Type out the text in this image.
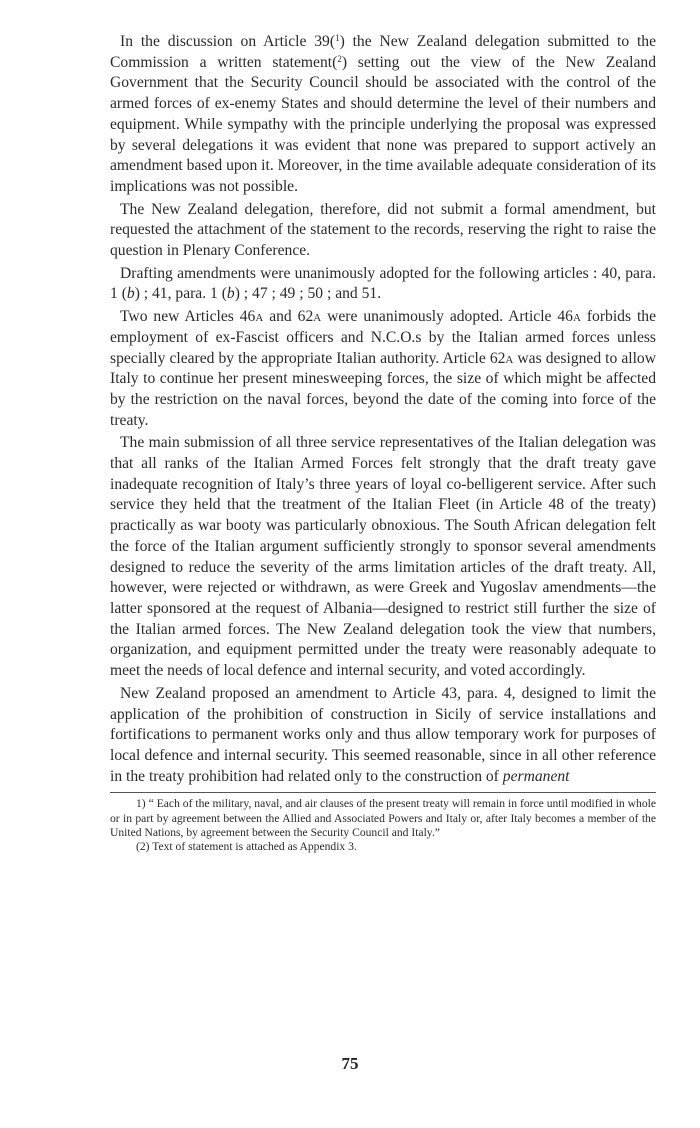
In the discussion on Article 39($^1$) the New Zealand delegation submitted to the Commission a written statement($^2$) setting out the view of the New Zealand Government that the Security Council should be associated with the control of the armed forces of ex-enemy States and should determine the level of their numbers and equipment. While sympathy with the principle underlying the proposal was expressed by several delegations it was evident that none was prepared to support actively an amendment based upon it. Moreover, in the time available adequate consideration of its implications was not possible.

The New Zealand delegation, therefore, did not submit a formal amendment, but requested the attachment of the statement to the records, reserving the right to raise the question in Plenary Conference.

Drafting amendments were unanimously adopted for the following articles : 40, para. 1 (b) ; 41, para. 1 (b) ; 47 ; 49 ; 50 ; and 51.

Two new Articles 46a and 62a were unanimously adopted. Article 46a forbids the employment of ex-Fascist officers and N.C.O.s by the Italian armed forces unless specially cleared by the appropriate Italian authority. Article 62a was designed to allow Italy to continue her present minesweeping forces, the size of which might be affected by the restriction on the naval forces, beyond the date of the coming into force of the treaty.

The main submission of all three service representatives of the Italian delegation was that all ranks of the Italian Armed Forces felt strongly that the draft treaty gave inadequate recognition of Italy’s three years of loyal co-belligerent service. After such service they held that the treatment of the Italian Fleet (in Article 48 of the treaty) practically as war booty was particularly obnoxious. The South African delegation felt the force of the Italian argument sufficiently strongly to sponsor several amendments designed to reduce the severity of the arms limitation articles of the draft treaty. All, however, were rejected or withdrawn, as were Greek and Yugoslav amendments—the latter sponsored at the request of Albania—designed to restrict still further the size of the Italian armed forces. The New Zealand delegation took the view that numbers, organization, and equipment permitted under the treaty were reasonably adequate to meet the needs of local defence and internal security, and voted accordingly.

New Zealand proposed an amendment to Article 43, para. 4, designed to limit the application of the prohibition of construction in Sicily of service installations and fortifications to permanent works only and thus allow temporary work for purposes of local defence and internal security. This seemed reasonable, since in all other reference in the treaty prohibition had related only to the construction of permanent

1) “ Each of the military, naval, and air clauses of the present treaty will remain in force until modified in whole or in part by agreement between the Allied and Associated Powers and Italy or, after Italy becomes a member of the United Nations, by agreement between the Security Council and Italy.”

(2) Text of statement is attached as Appendix 3.

75
